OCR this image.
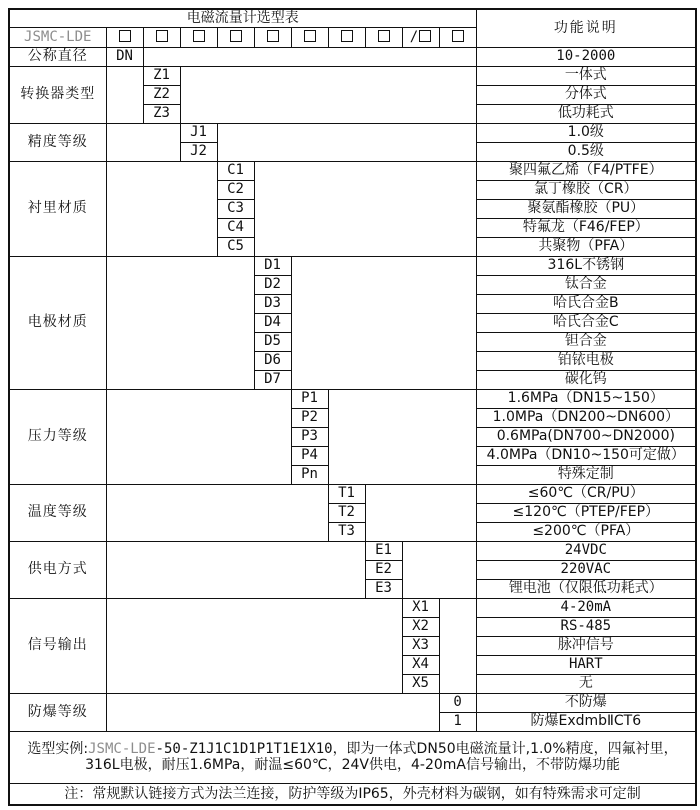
电磁流量计选型表											功能说明
JSMC-LDE									/		
公称直径	DN										10-2000
转换器类型		Z1									一体式
		Z2									分体式
		Z3									低功耗式
精度等级			J1								1.0级
			J2								0.5级
衬里材质				C1							聚四氟乙烯（F4/PTFE）
				C2							氯丁橡胶（CR）
				C3							聚氨酯橡胶（PU）
				C4							特氟龙（F46/FEP）
				C5							共聚物（PFA）
电极材质					D1						316L不锈钢
					D2						钛合金
					D3						哈氏合金B
					D4						哈氏合金C
					D5						钽合金
					D6						铂铱电极
					D7						碳化钨
压力等级						P1					1.6MPa（DN15~150）
						P2					1.0MPa（DN200~DN600）
						P3					0.6MPa(DN700~DN2000)
						P4					4.0MPa（DN10~150可定做）
						Pn					特殊定制
温度等级							T1				≤60℃（CR/PU）
							T2				≤120℃（PTEP/FEP）
							T3				≤200℃（PFA）
供电方式								E1			24VDC
								E2			220VAC
								E3			锂电池（仅限低功耗式）
信号输出									X1		4-20mA
									X2		RS-485
									X3		脉冲信号
									X4		HART
									X5		无
防爆等级										0	不防爆
										1	防爆ExdmbⅡCT6

选型实例:JSMC-LDE-50-Z1J1C1D1P1T1E1X10，即为一体式DN50电磁流量计,1.0%精度，四氟衬里，
316L电极，耐压1.6MPa，耐温≤60℃，24V供电，4-20mA信号输出，不带防爆功能											

注：常规默认链接方式为法兰连接，防护等级为IP65，外壳材料为碳钢，如有特殊需求可定制											
